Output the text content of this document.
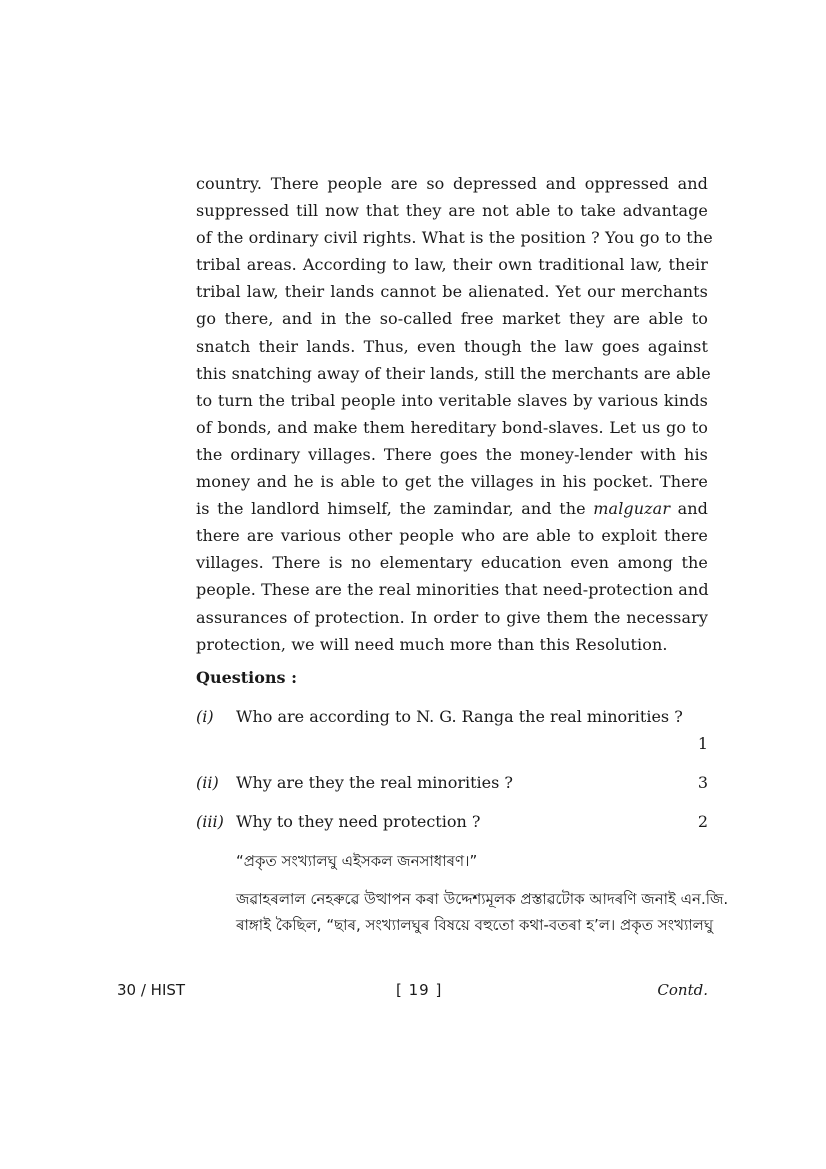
country. There people are so depressed and oppressed and
suppressed till now that they are not able to take advantage
of the ordinary civil rights. What is the position ? You go to the
tribal areas. According to law, their own traditional law, their
tribal law, their lands cannot be alienated. Yet our merchants
go there, and in the so-called free market they are able to
snatch their lands. Thus, even though the law goes against
this snatching away of their lands, still the merchants are able
to turn the tribal people into veritable slaves by various kinds
of bonds, and make them hereditary bond-slaves. Let us go to
the ordinary villages. There goes the money-lender with his
money and he is able to get the villages in his pocket. There
is the landlord himself, the zamindar, and the malguzar and
there are various other people who are able to exploit there
villages. There is no elementary education even among the
people. These are the real minorities that need-protection and
assurances of protection. In order to give them the necessary
protection, we will need much more than this Resolution.
Questions :
(i) Who are according to N. G. Ranga the real minorities ?
1
(ii) Why are they the real minorities ?	3
(iii) Why to they need protection ?	2
“প্ৰকৃত সংখ্যালঘু এইসকল জনসাধাৰণ।”
জৱাহৰলাল নেহৰুৱে উত্থাপন কৰা উদ্দেশ্যমূলক প্ৰস্তাৱটোক আদৰণি জনাই এন.জি.
ৰাঙ্গাই কৈছিল, “ছাৰ, সংখ্যালঘুৰ বিষয়ে বহুতো কথা-বতৰা হ’ল। প্ৰকৃত সংখ্যালঘু
30 / HIST	[ 19 ]	Contd.
